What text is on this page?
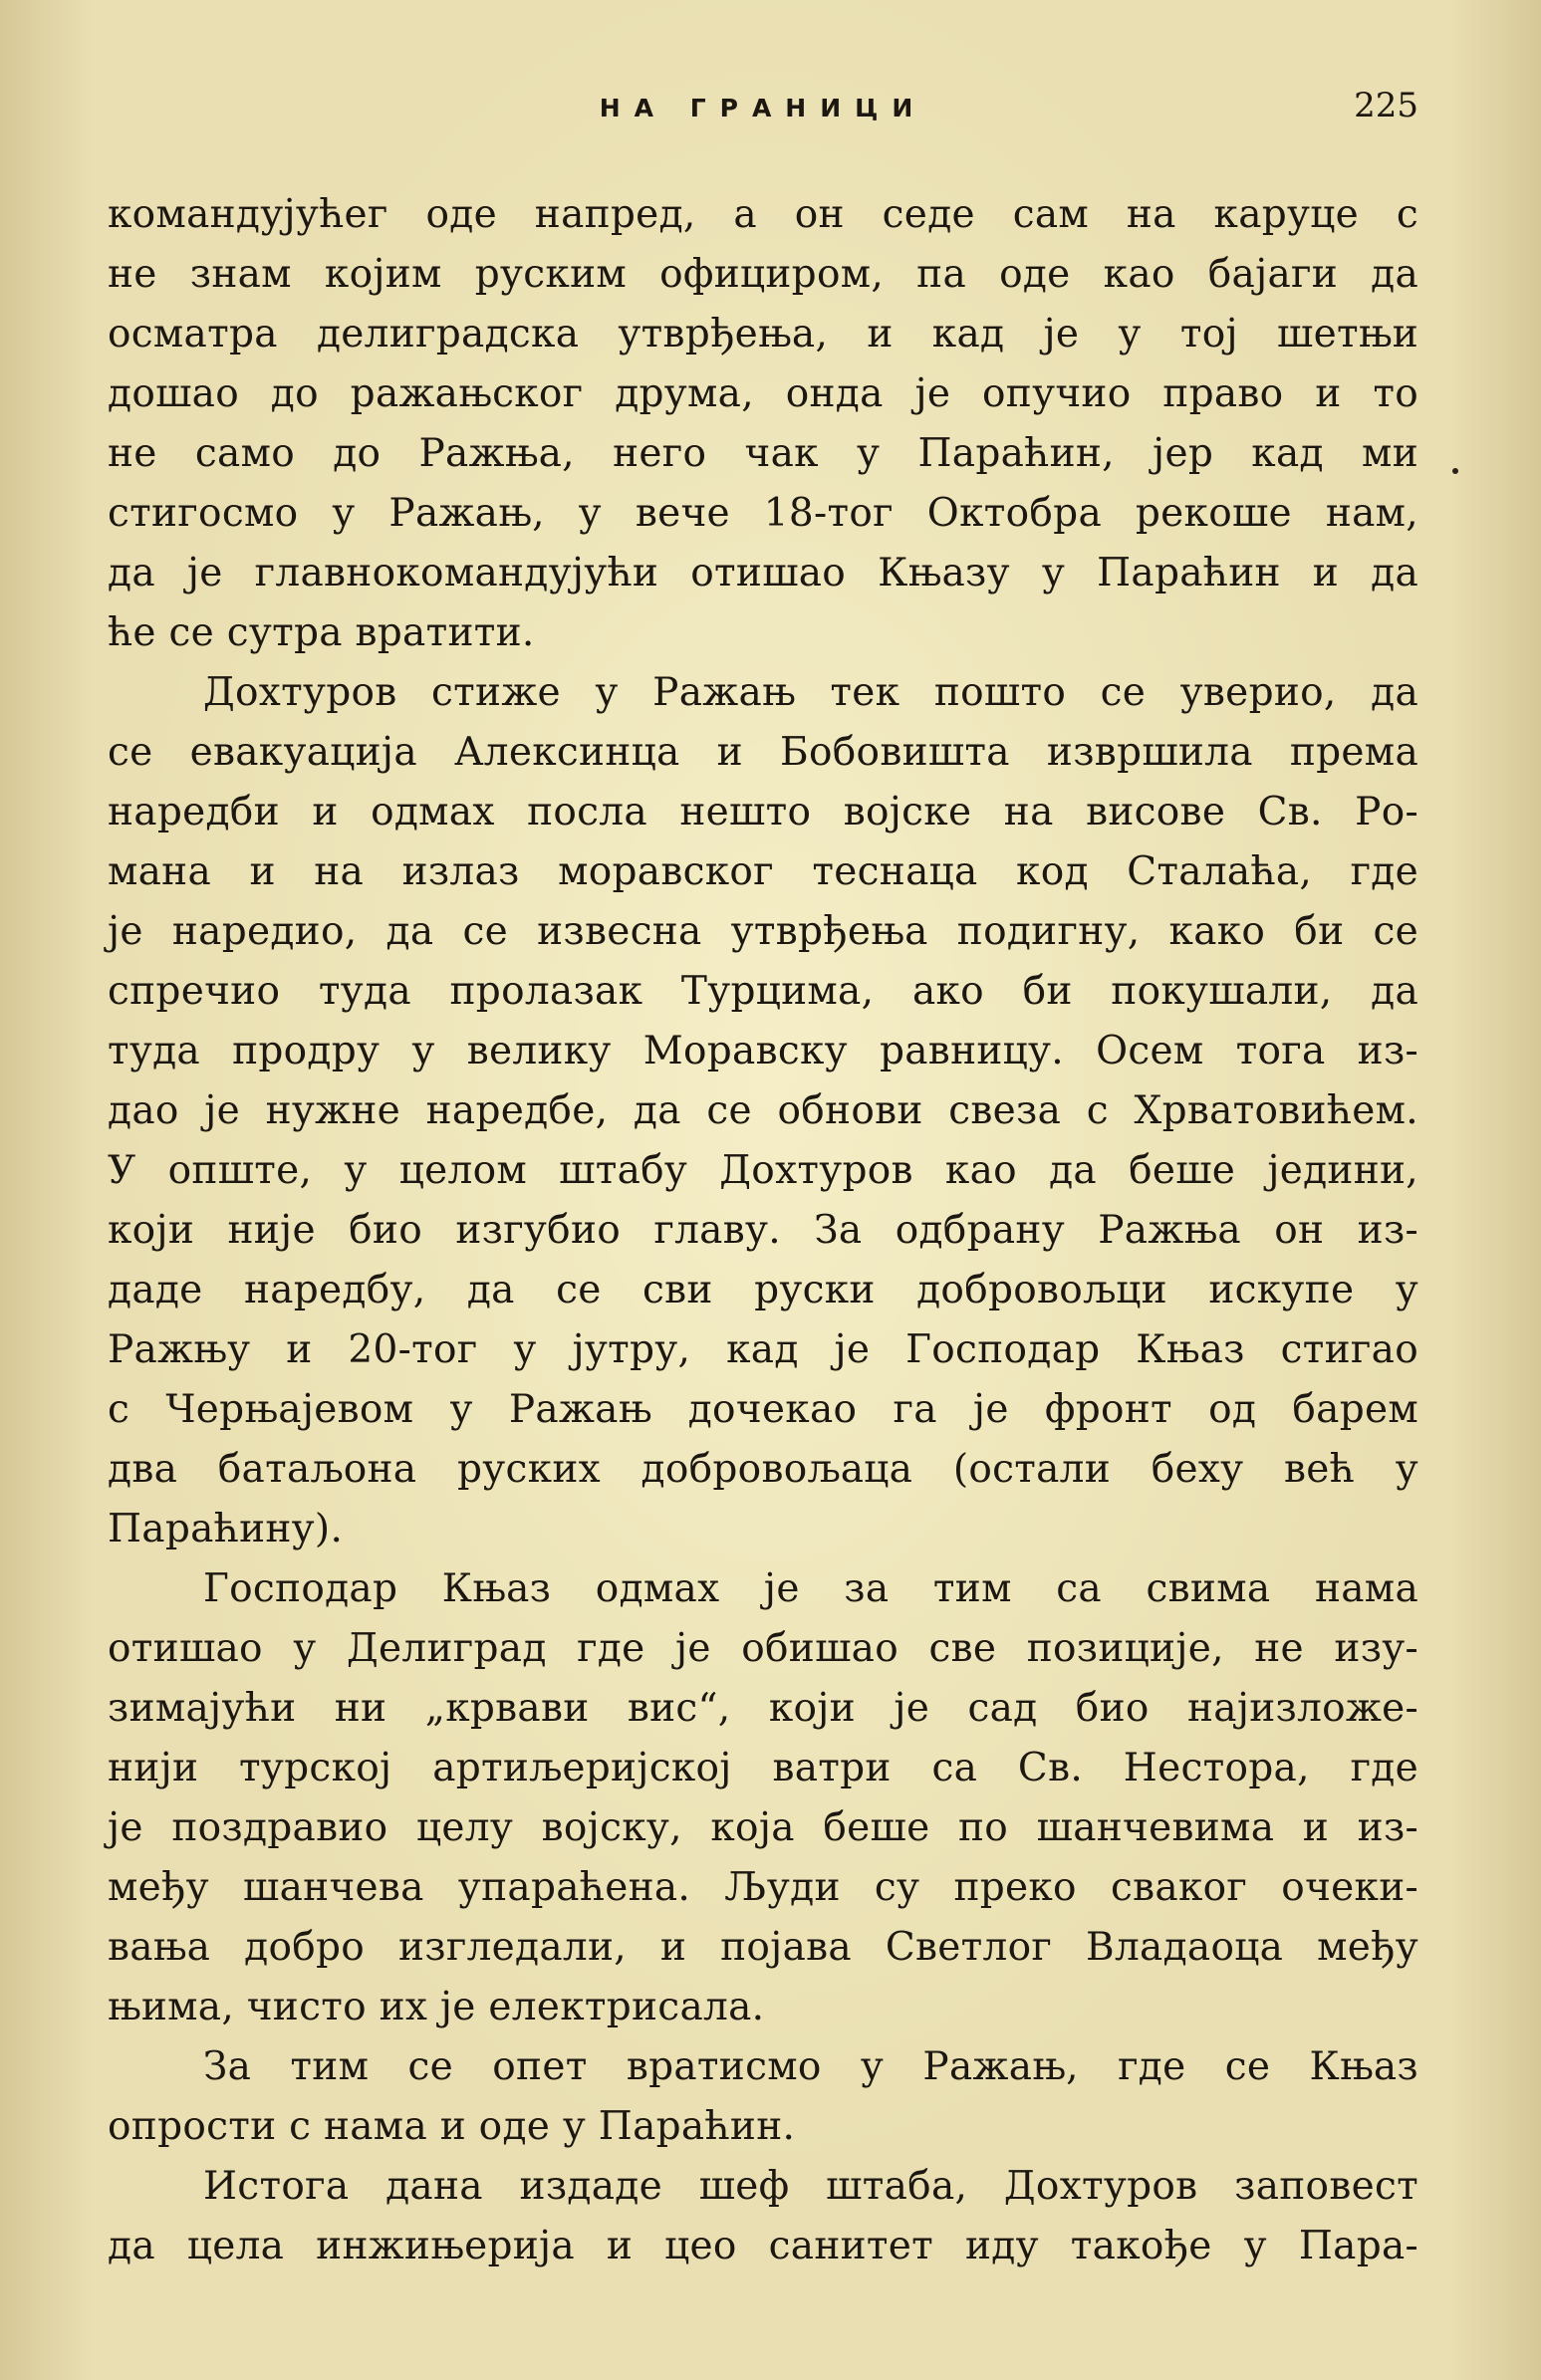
НА ГРАНИЦИ	225
командујућег оде напред, а он седе сам на каруце с
не знам којим руским официром, па оде као бајаги да
осматра делиградска утврђења, и кад је у тој шетњи
дошао до ражањског друма, онда је опучио право и то
не само до Ражња, него чак у Параћин, јер кад ми
стигосмо у Ражањ, у вече 18-тог Октобра рекоше нам,
да је главнокомандујући отишао Књазу у Параћин и да
ће се сутра вратити.
Дохтуров стиже у Ражањ тек пошто се уверио, да
се евакуација Алексинца и Бобовишта извршила према
наредби и одмах посла нешто војске на висове Св. Ро-
мана и на излаз моравског теснаца код Сталаћа, где
је наредио, да се извесна утврђења подигну, како би се
спречио туда пролазак Турцима, ако би покушали, да
туда продру у велику Моравску равницу. Осем тога из-
дао је нужне наредбе, да се обнови свеза с Хрватовићем.
У опште, у целом штабу Дохтуров као да беше једини,
који није био изгубио главу. За одбрану Ражња он из-
даде наредбу, да се сви руски добровољци искупе у
Ражњу и 20-тог у јутру, кад је Господар Књаз стигао
с Черњајевом у Ражањ дочекао га је фронт од барем
два батаљона руских добровољаца (остали беху већ у
Параћину).
Господар Књаз одмах је за тим са свима нама
отишао у Делиград где је обишао све позиције, не изу-
зимајући ни „крвави вис“, који је сад био најизложе-
нији турској артиљеријској ватри са Св. Нестора, где
је поздравио целу војску, која беше по шанчевима и из-
међу шанчева упараћена. Људи су преко сваког очеки-
вања добро изгледали, и појава Светлог Владаоца међу
њима, чисто их је електрисала.
За тим се опет вратисмо у Ражањ, где се Књаз
опрости с нама и оде у Параћин.
Истога дана издаде шеф штаба, Дохтуров заповест
да цела инжињерија и цео санитет иду такође у Пара-
